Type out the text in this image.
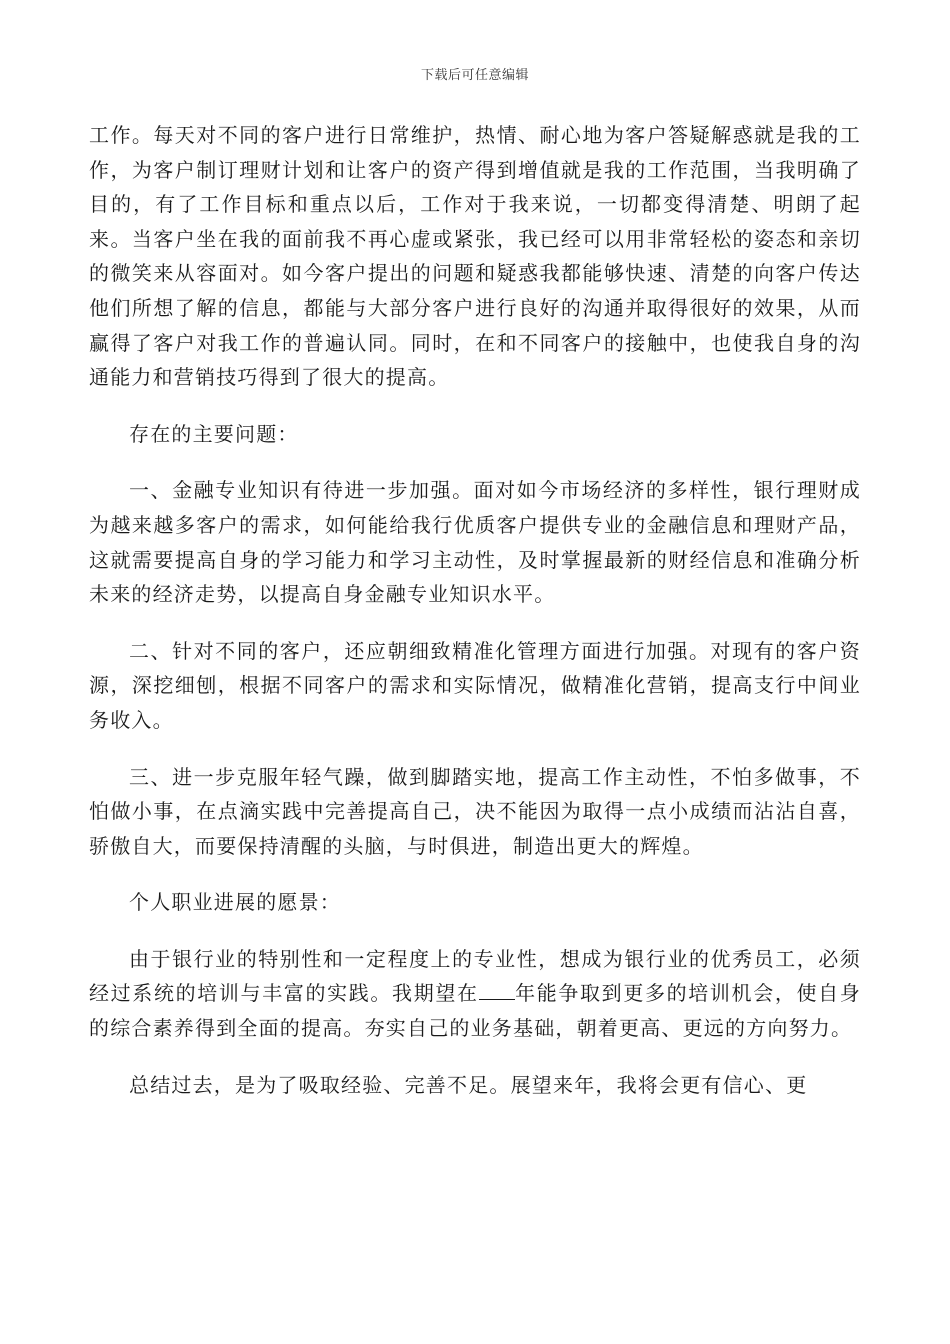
下载后可任意编辑

工作。每天对不同的客户进行日常维护，热情、耐心地为客户答疑解惑就是我的工作，为客户制订理财计划和让客户的资产得到增值就是我的工作范围，当我明确了目的，有了工作目标和重点以后，工作对于我来说，一切都变得清楚、明朗了起来。当客户坐在我的面前我不再心虚或紧张，我已经可以用非常轻松的姿态和亲切的微笑来从容面对。如今客户提出的问题和疑惑我都能够快速、清楚的向客户传达他们所想了解的信息，都能与大部分客户进行良好的沟通并取得很好的效果，从而赢得了客户对我工作的普遍认同。同时，在和不同客户的接触中，也使我自身的沟通能力和营销技巧得到了很大的提高。

存在的主要问题：

一、金融专业知识有待进一步加强。面对如今市场经济的多样性，银行理财成为越来越多客户的需求，如何能给我行优质客户提供专业的金融信息和理财产品，这就需要提高自身的学习能力和学习主动性，及时掌握最新的财经信息和准确分析未来的经济走势，以提高自身金融专业知识水平。

二、针对不同的客户，还应朝细致精准化管理方面进行加强。对现有的客户资源，深挖细刨，根据不同客户的需求和实际情况，做精准化营销，提高支行中间业务收入。

三、进一步克服年轻气躁，做到脚踏实地，提高工作主动性，不怕多做事，不怕做小事，在点滴实践中完善提高自己，决不能因为取得一点小成绩而沾沾自喜，骄傲自大，而要保持清醒的头脑，与时俱进，制造出更大的辉煌。

个人职业进展的愿景：

由于银行业的特别性和一定程度上的专业性，想成为银行业的优秀员工，必须经过系统的培训与丰富的实践。我期望在 年能争取到更多的培训机会，使自身的综合素养得到全面的提高。夯实自己的业务基础，朝着更高、更远的方向努力。

总结过去，是为了吸取经验、完善不足。展望来年，我将会更有信心、更
